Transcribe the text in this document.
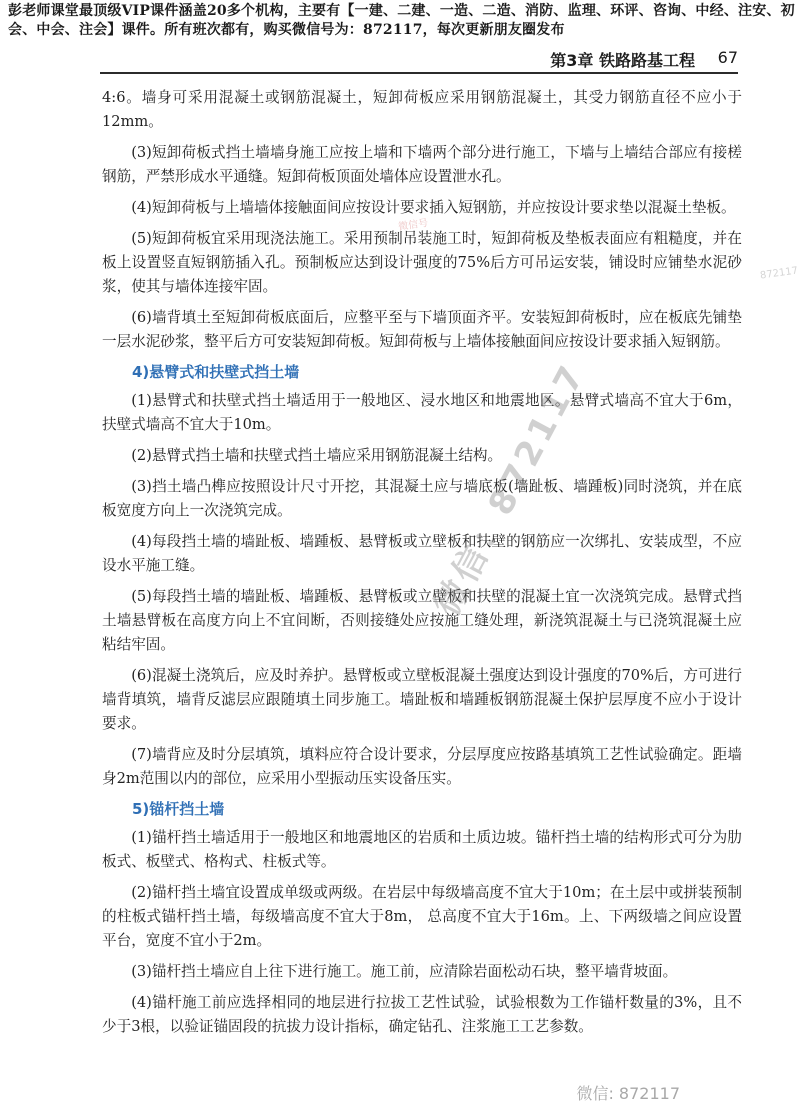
彭老师课堂最顶级VIP课件涵盖20多个机构，主要有【一建、二建、一造、二造、消防、监理、环评、咨询、中经、注安、初会、中会、注会】课件。所有班次都有，购买微信号为：872117，每次更新朋友圈发布
第3章 铁路路基工程 67

4:6。墙身可采用混凝土或钢筋混凝土，短卸荷板应采用钢筋混凝土，其受力钢筋直径不应小于12mm。

(3)短卸荷板式挡土墙墙身施工应按上墙和下墙两个部分进行施工，下墙与上墙结合部应有接槎钢筋，严禁形成水平通缝。短卸荷板顶面处墙体应设置泄水孔。

(4)短卸荷板与上墙墙体接触面间应按设计要求插入短钢筋，并应按设计要求垫以混凝土垫板。

(5)短卸荷板宜采用现浇法施工。采用预制吊装施工时，短卸荷板及垫板表面应有粗糙度，并在板上设置竖直短钢筋插入孔。预制板应达到设计强度的75%后方可吊运安装，铺设时应铺垫水泥砂浆，使其与墙体连接牢固。

(6)墙背填土至短卸荷板底面后，应整平至与下墙顶面齐平。安装短卸荷板时，应在板底先铺垫一层水泥砂浆，整平后方可安装短卸荷板。短卸荷板与上墙体接触面间应按设计要求插入短钢筋。

4)悬臂式和扶壁式挡土墙

(1)悬臂式和扶壁式挡土墙适用于一般地区、浸水地区和地震地区。悬臂式墙高不宜大于6m，扶壁式墙高不宜大于10m。

(2)悬臂式挡土墙和扶壁式挡土墙应采用钢筋混凝土结构。

(3)挡土墙凸榫应按照设计尺寸开挖，其混凝土应与墙底板(墙趾板、墙踵板)同时浇筑，并在底板宽度方向上一次浇筑完成。

(4)每段挡土墙的墙趾板、墙踵板、悬臂板或立壁板和扶壁的钢筋应一次绑扎、安装成型，不应设水平施工缝。

(5)每段挡土墙的墙趾板、墙踵板、悬臂板或立壁板和扶壁的混凝土宜一次浇筑完成。悬臂式挡土墙悬臂板在高度方向上不宜间断，否则接缝处应按施工缝处理，新浇筑混凝土与已浇筑混凝土应粘结牢固。

(6)混凝土浇筑后，应及时养护。悬臂板或立壁板混凝土强度达到设计强度的70%后，方可进行墙背填筑，墙背反滤层应跟随填土同步施工。墙趾板和墙踵板钢筋混凝土保护层厚度不应小于设计要求。

(7)墙背应及时分层填筑，填料应符合设计要求，分层厚度应按路基填筑工艺性试验确定。距墙身2m范围以内的部位，应采用小型振动压实设备压实。

5)锚杆挡土墙

(1)锚杆挡土墙适用于一般地区和地震地区的岩质和土质边坡。锚杆挡土墙的结构形式可分为肋板式、板壁式、格构式、柱板式等。

(2)锚杆挡土墙宜设置成单级或两级。在岩层中每级墙高度不宜大于10m；在土层中或拼装预制的柱板式锚杆挡土墙，每级墙高度不宜大于8m， 总高度不宜大于16m。上、下两级墙之间应设置平台，宽度不宜小于2m。

(3)锚杆挡土墙应自上往下进行施工。施工前，应清除岩面松动石块，整平墙背坡面。

(4)锚杆施工前应选择相同的地层进行拉拔工艺性试验，试验根数为工作锚杆数量的3%，且不少于3根，以验证锚固段的抗拔力设计指标，确定钻孔、注浆施工工艺参数。

微信：872117
微信号
872117
微信: 872117
